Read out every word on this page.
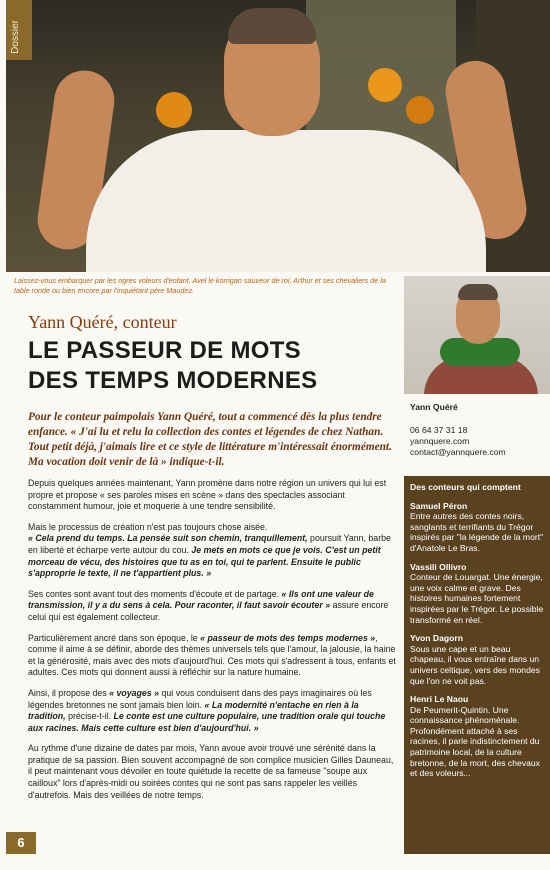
Dossier
Laissez-vous embarquer par les ogres voleurs d'enfant, Avel le korrigan sauveur de roi, Arthur et ses chevaliers de la table ronde ou bien encore par l'inquiétant père Maudez.
Yann Quéré, conteur
LE PASSEUR DE MOTS
DES TEMPS MODERNES
Pour le conteur paimpolais Yann Quéré, tout a commencé dès la plus tendre enfance. « J'ai lu et relu la collection des contes et légendes de chez Nathan. Tout petit déjà, j'aimais lire et ce style de littérature m'intéressait énormément. Ma vocation doit venir de là » indique-t-il.

Depuis quelques années maintenant, Yann promène dans notre région un univers qui lui est propre et propose « ses paroles mises en scène » dans des spectacles associant constamment humour, joie et moquerie à une tendre sensibilité.

Mais le processus de création n'est pas toujours chose aisée.
« Cela prend du temps. La pensée suit son chemin, tranquillement, poursuit Yann, barbe en liberté et écharpe verte autour du cou. Je mets en mots ce que je vois. C'est un petit morceau de vécu, des histoires que tu as en toi, qui te parlent. Ensuite le public s'approprie le texte, il ne t'appartient plus. »

Ses contes sont avant tout des moments d'écoute et de partage. « Ils ont une valeur de transmission, il y a du sens à cela. Pour raconter, il faut savoir écouter » assure encore celui qui est également collecteur.

Particulièrement ancré dans son époque, le « passeur de mots des temps modernes », comme il aime à se définir, aborde des thèmes universels tels que l'amour, la jalousie, la haine et la générosité, mais avec des mots d'aujourd'hui. Ces mots qui s'adressent à tous, enfants et adultes. Ces mots qui donnent aussi à réfléchir sur la nature humaine.

Ainsi, il propose des « voyages » qui vous conduisent dans des pays imaginaires où les légendes bretonnes ne sont jamais bien loin. « La modernité n'entache en rien à la tradition, précise-t-il. Le conte est une culture populaire, une tradition orale qui touche aux racines. Mais cette culture est bien d'aujourd'hui. »

Au rythme d'une dizaine de dates par mois, Yann avoue avoir trouvé une sérénité dans la pratique de sa passion. Bien souvent accompagné de son complice musicien Gilles Dauneau, il peut maintenant vous dévoiler en toute quiétude la recette de sa fameuse "soupe aux cailloux" lors d'après-midi ou soirées contes qui ne sont pas sans rappeler les veillés d'autrefois. Mais des veillées de notre temps.

6
Yann Quéré
06 64 37 31 18
yannquere.com
contact@yannquere.com
Des conteurs qui comptent
Samuel Péron
Entre autres des contes noirs, sanglants et terrifiants du Trégor inspirés par "la légende de la mort" d'Anatole Le Bras.
Vassili Ollivro
Conteur de Louargat. Une énergie, une voix calme et grave. Des histoires humaines fortement inspirées par le Trégor. Le possible transformé en réel.
Yvon Dagorn
Sous une cape et un beau chapeau, il vous entraîne dans un univers celtique, vers des mondes que l'on ne voit pas.
Henri Le Naou
De Peumerit-Quintin. Une connaissance phénoménale. Profondément attaché à ses racines, il parle indistinctement du patrimoine local, de la culture bretonne, de la mort, des chevaux et des voleurs...
